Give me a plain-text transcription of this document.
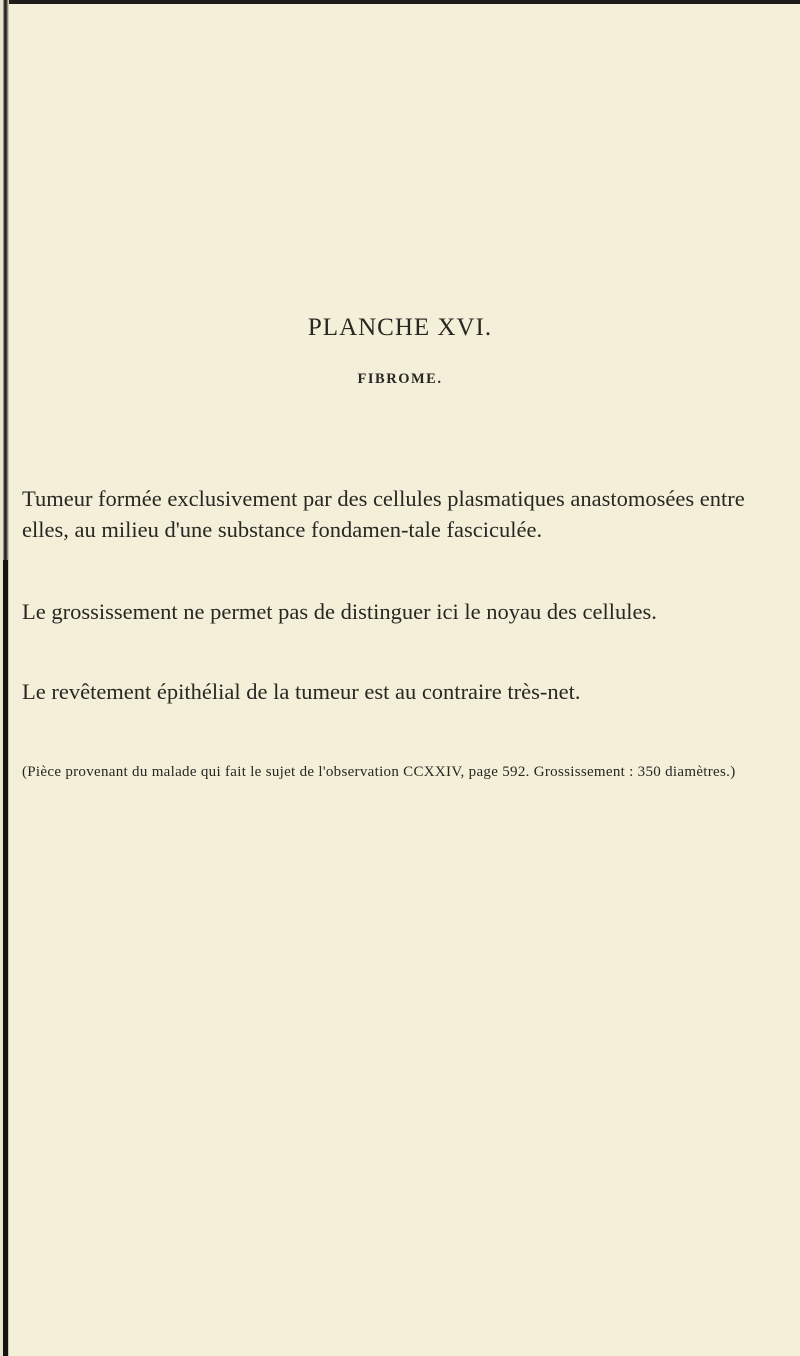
PLANCHE XVI.
FIBROME.

Tumeur formée exclusivement par des cellules plasmatiques anastomosées entre elles, au milieu d'une substance fondamen-tale fasciculée.

Le grossissement ne permet pas de distinguer ici le noyau des cellules.

Le revêtement épithélial de la tumeur est au contraire très-net.

(Pièce provenant du malade qui fait le sujet de l'observation CCXXIV, page 592. Grossissement : 350 diamètres.)
